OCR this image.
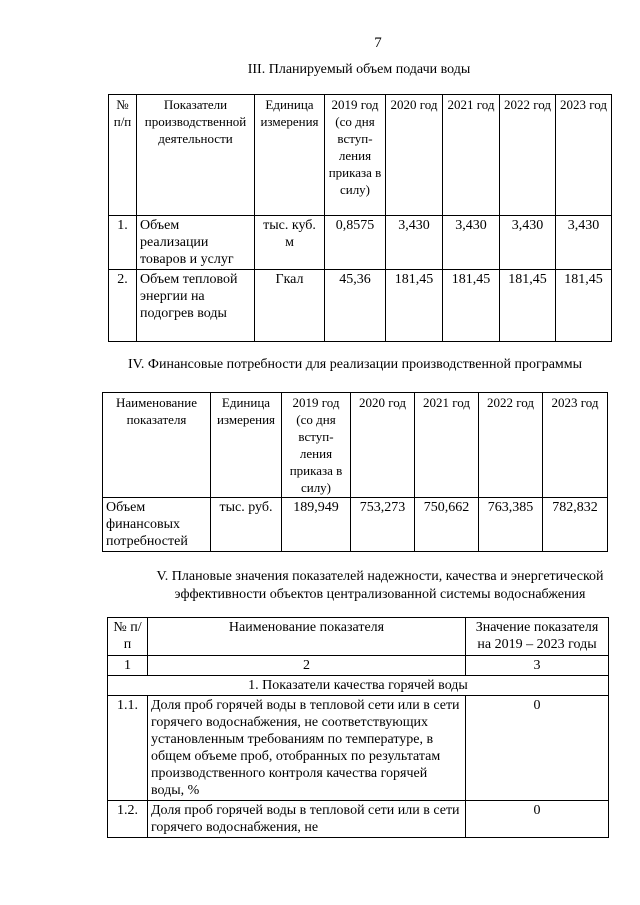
7
III. Планируемый объем подачи воды
№ п/п	Показатели производственной деятельности	Единица измерения	2019 год (со дня вступ-ления приказа в силу)	2020 год	2021 год	2022 год	2023 год
1.	Объем реализации товаров и услуг	тыс. куб. м	0,8575	3,430	3,430	3,430	3,430
2.	Объем тепловой энергии на подогрев воды	Гкал	45,36	181,45	181,45	181,45	181,45
IV. Финансовые потребности для реализации производственной программы
Наименование показателя	Единица измерения	2019 год (со дня вступ-ления приказа в силу)	2020 год	2021 год	2022 год	2023 год
Объем финансовых потребностей	тыс. руб.	189,949	753,273	750,662	763,385	782,832
V. Плановые значения показателей надежности, качества и энергетической
эффективности объектов централизованной системы водоснабжения
№ п/п	Наименование показателя	Значение показателя на 2019 – 2023 годы
1	2	3
1. Показатели качества горячей воды		
1.1.	Доля проб горячей воды в тепловой сети или в сети горячего водоснабжения, не соответствующих установленным требованиям по температуре, в общем объеме проб, отобранных по результатам производственного контроля качества горячей воды, %	0
1.2.	Доля проб горячей воды в тепловой сети или в сети горячего водоснабжения, не	0
